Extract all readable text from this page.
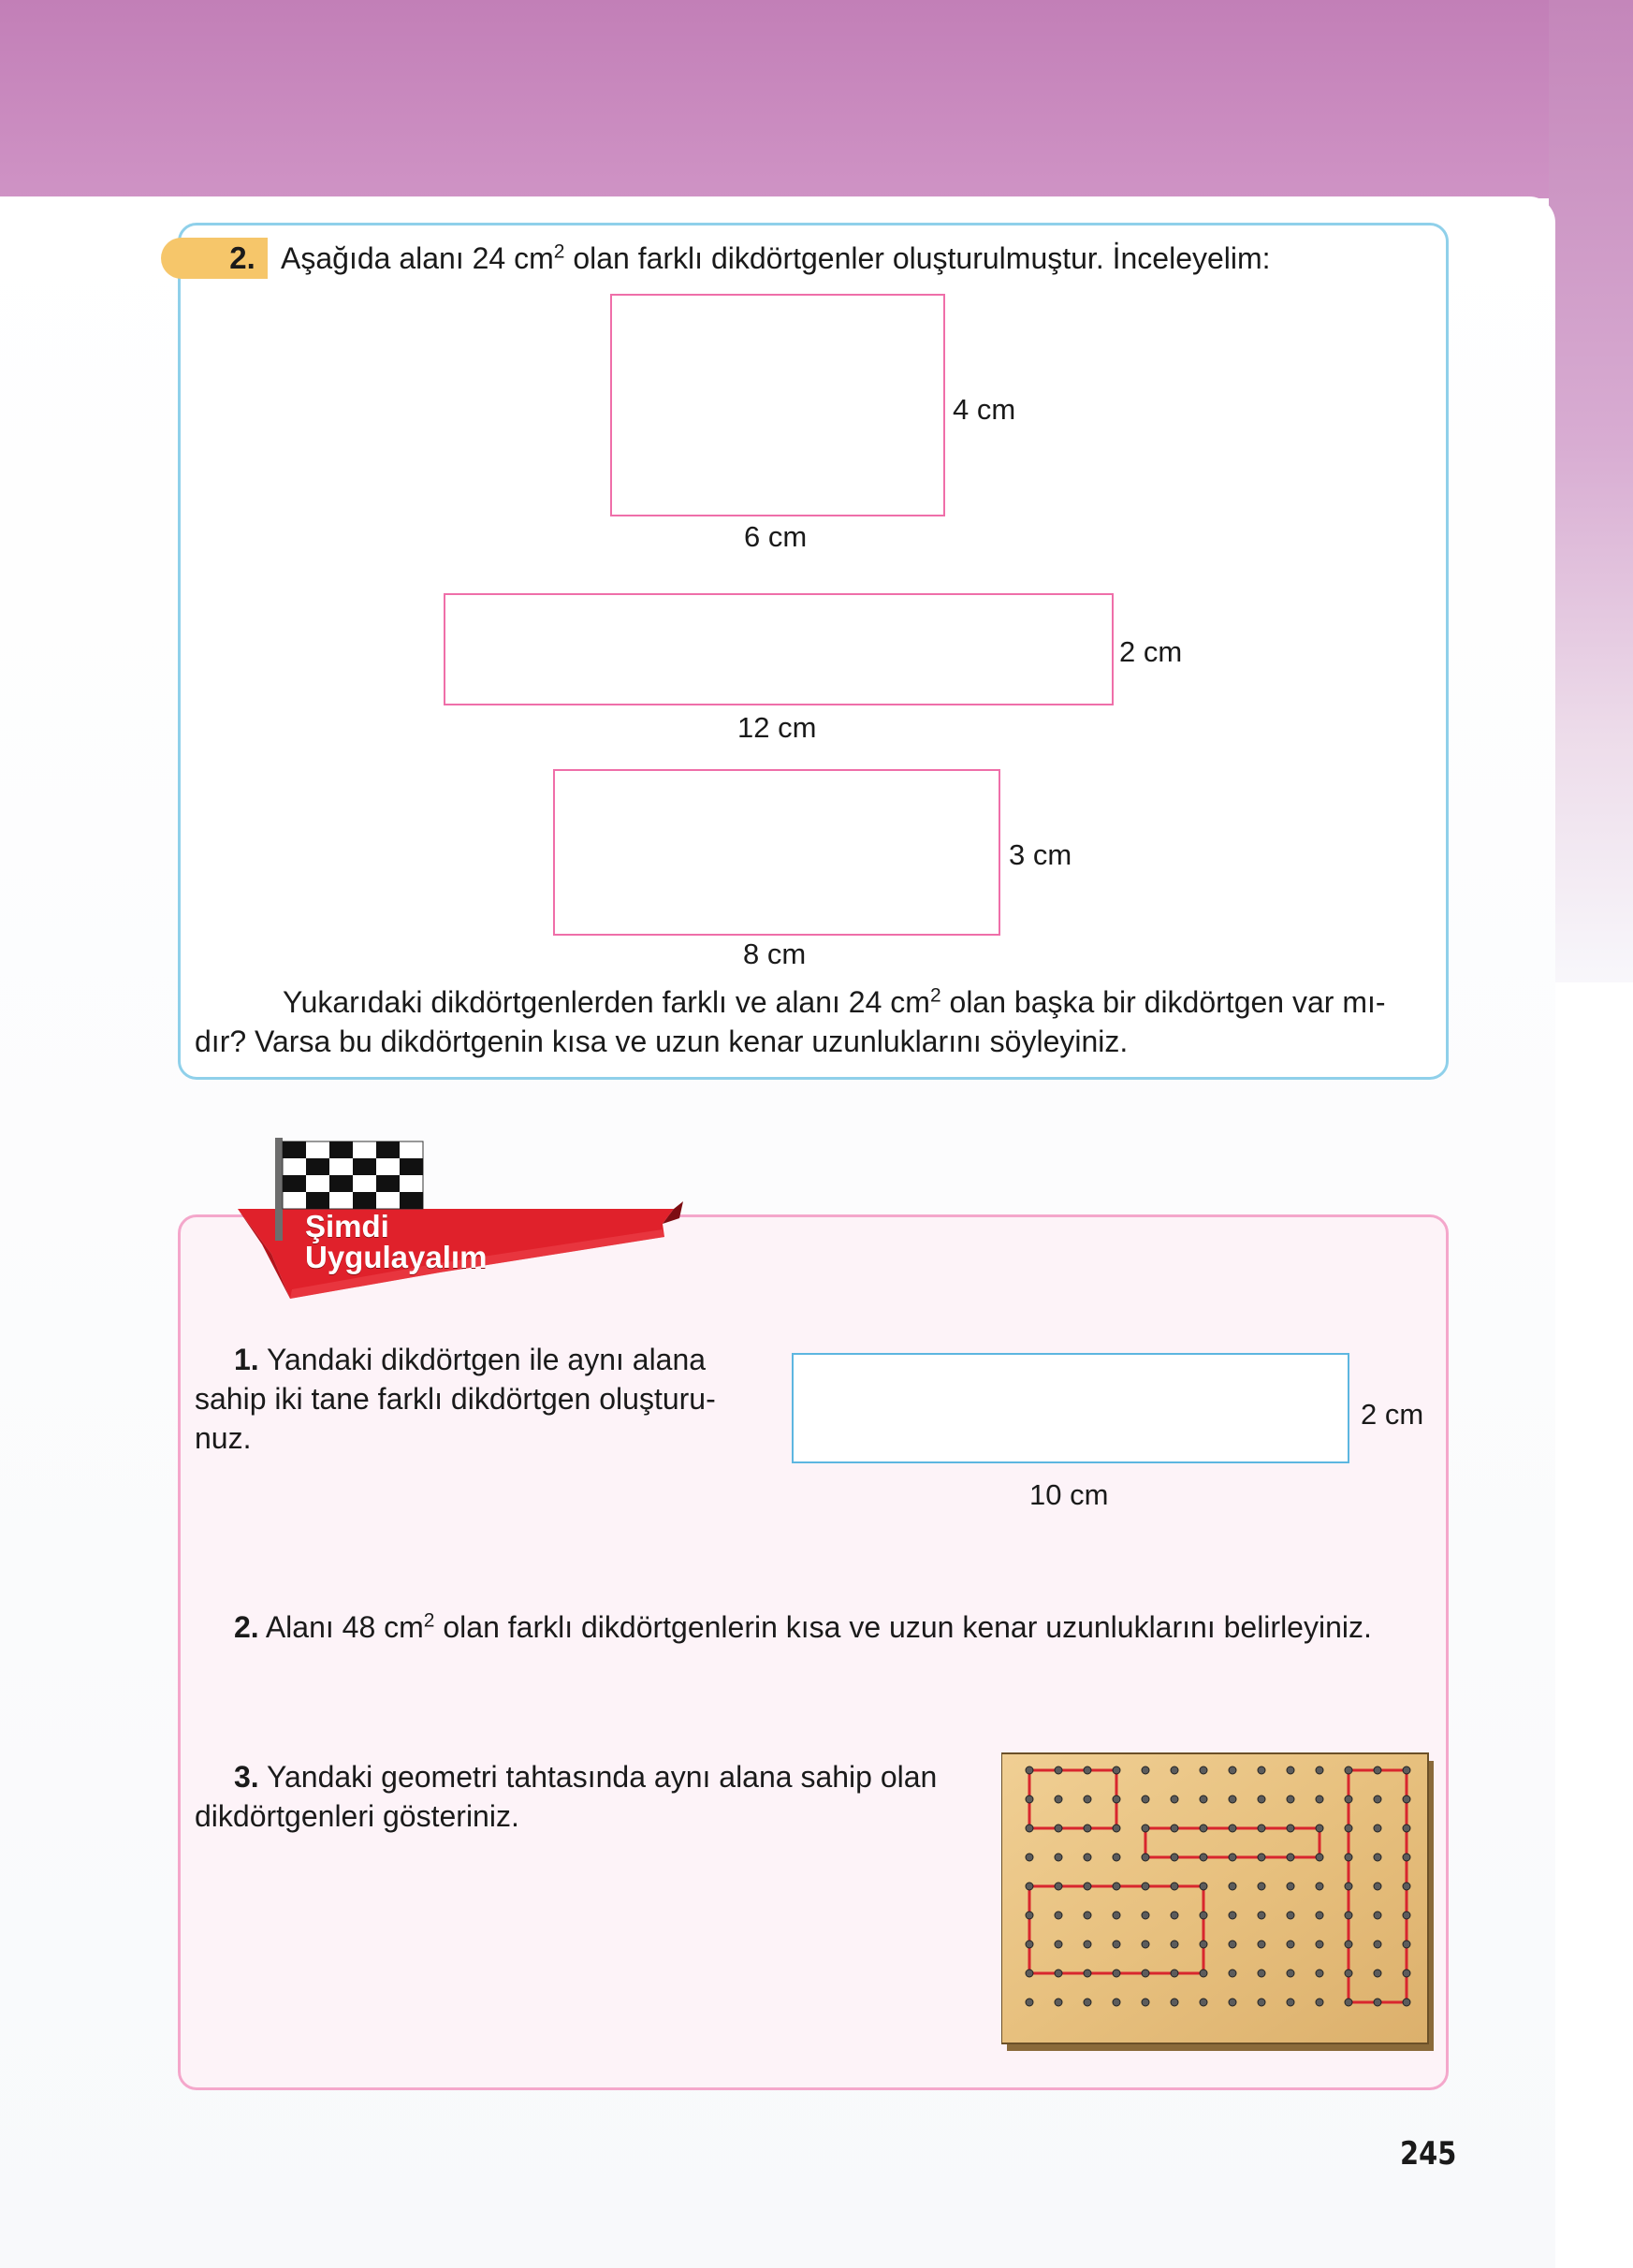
2. Aşağıda alanı 24 $cm^2$ olan farklı dikdörtgenler oluşturulmuştur. İnceleyelim:
4 cm
6 cm
2 cm
12 cm
3 cm
8 cm
Yukarıdaki dikdörtgenlerden farklı ve alanı 24 $cm^2$ olan başka bir dikdörtgen var mı-
dır? Varsa bu dikdörtgenin kısa ve uzun kenar uzunluklarını söyleyiniz.
Şimdi
Uygulayalım
1. Yandaki dikdörtgen ile aynı alana
sahip iki tane farklı dikdörtgen oluşturu-
nuz.
2 cm
10 cm
2. Alanı 48 $cm^2$ olan farklı dikdörtgenlerin kısa ve uzun kenar uzunluklarını belirleyiniz.
3. Yandaki geometri tahtasında aynı alana sahip olan
dikdörtgenleri gösteriniz.
245
